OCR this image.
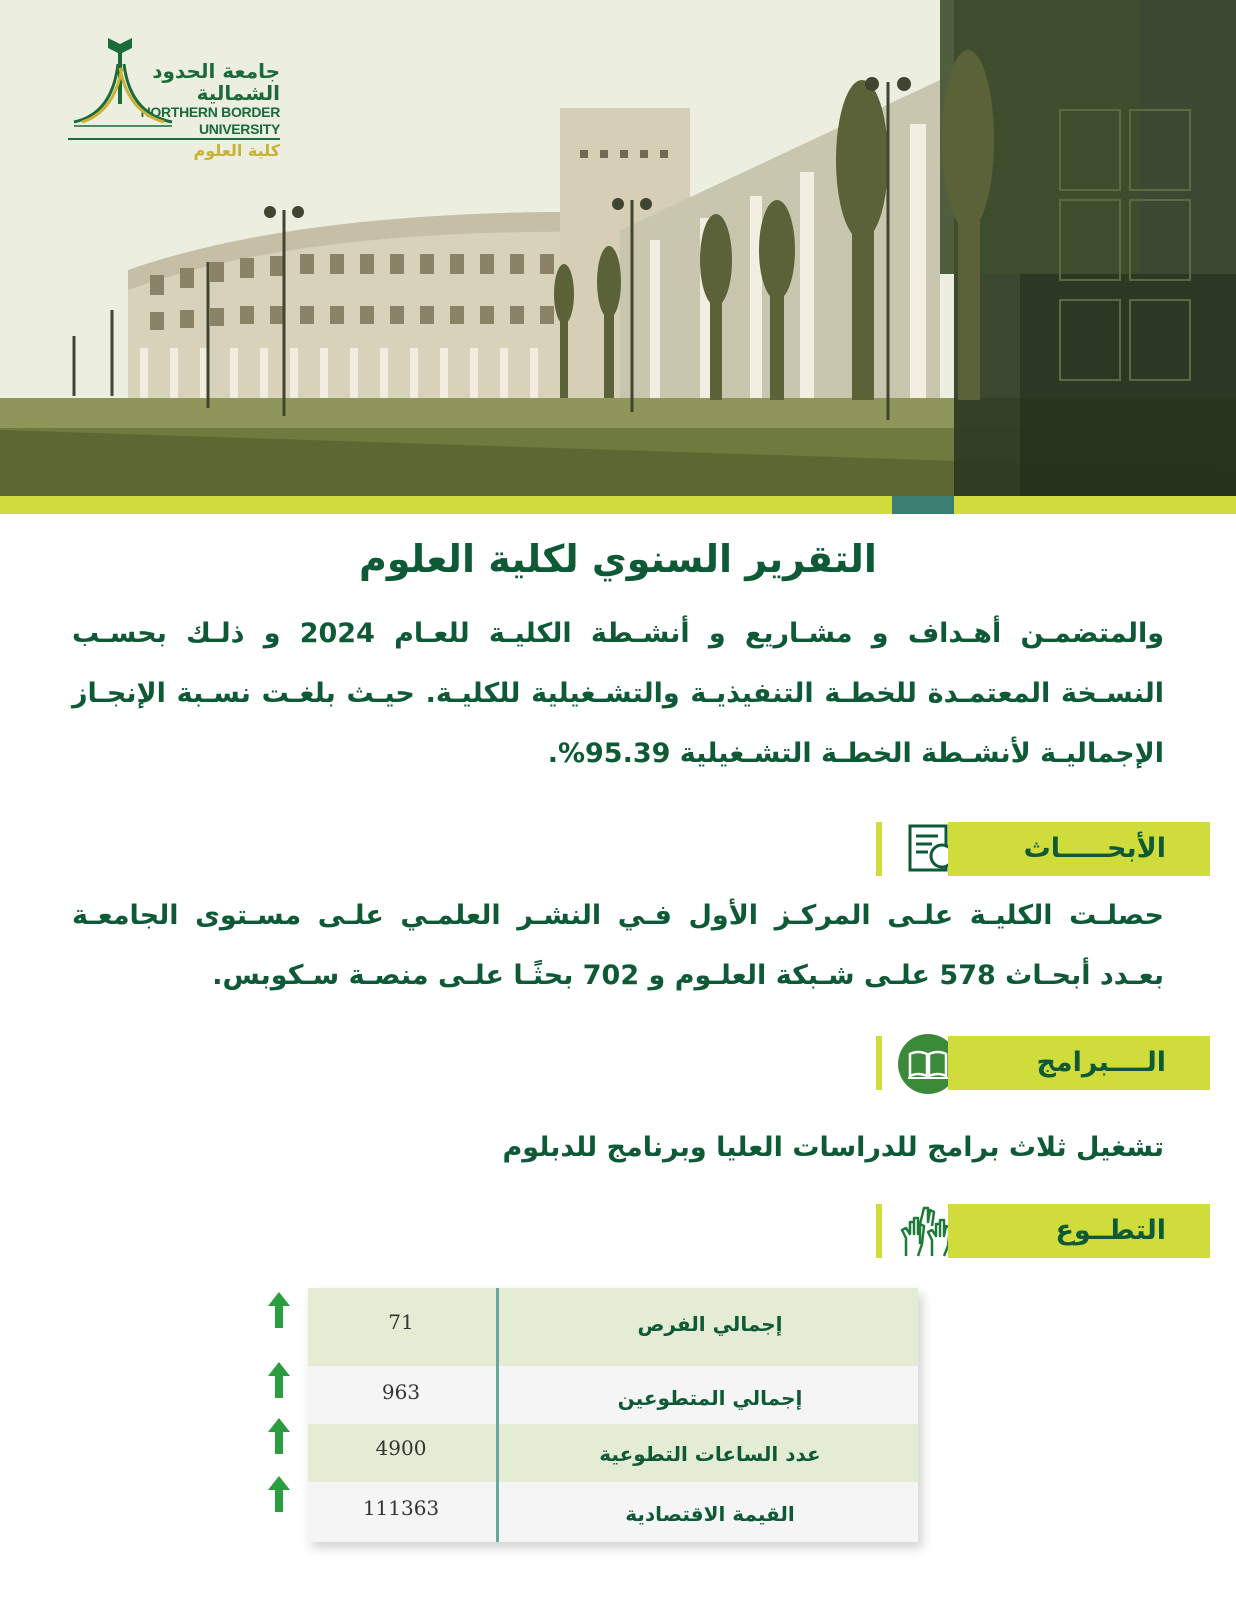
جامعة الحدود الشمالية
NORTHERN BORDER UNIVERSITY
كلية العلوم
التقرير السنوي لكلية العلوم

والمتضمـن أهـداف و مشـاريع و أنشـطة الكليـة للعـام 2024 و ذلـك بحسـب النسـخة المعتمـدة للخطـة التنفيذيـة والتشـغيلية للكليـة. حيـث بلغـت نسـبة الإنجـاز الإجماليـة لأنشـطة الخطـة التشـغيلية 95.39%.

الأبحـــــاث

حصلـت الكليـة علـى المركـز الأول فـي النشـر العلمـي علـى مسـتوى الجامعـة بعـدد أبحـاث 578 علـى شـبكة العلـوم و 702 بحثًـا علـى منصـة سـكوبس.

الــــبرامج

تشغيل ثلاث برامج للدراسات العليا وبرنامج للدبلوم

التطــوع
إجمالي الفرص
71
إجمالي المتطوعين
963
عدد الساعات التطوعية
4900
القيمة الاقتصادية
111363
